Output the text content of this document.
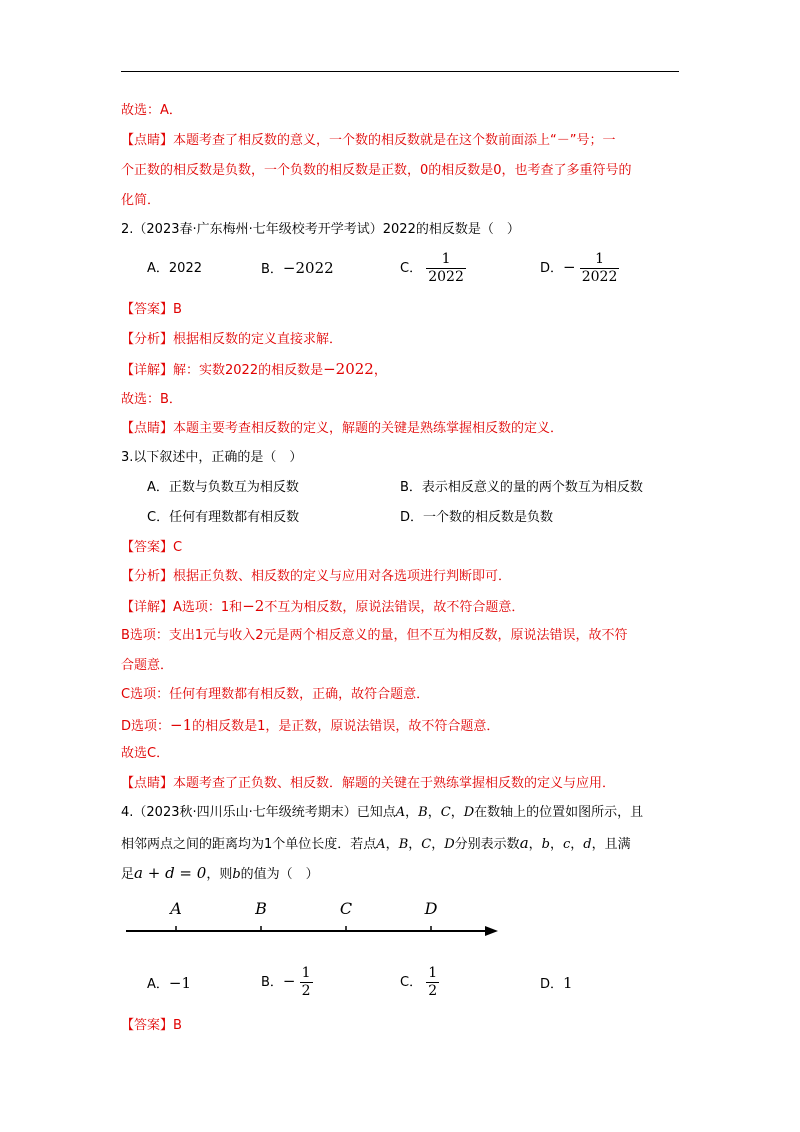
故选：A．
【点睛】本题考查了相反数的意义，一个数的相反数就是在这个数前面添上“－”号；一
个正数的相反数是负数，一个负数的相反数是正数，0的相反数是0，也考查了多重符号的
化简．
2.（2023春·广东梅州·七年级校考开学考试）2022的相反数是（　）
A．2022	B．−2022	C． $\frac{1}{2022}$	D．− $\frac{1}{2022}$
【答案】B
【分析】根据相反数的定义直接求解．
【详解】解：实数2022的相反数是−2022，
故选：B．
【点睛】本题主要考查相反数的定义，解题的关键是熟练掌握相反数的定义．
3.以下叙述中，正确的是（　）
A．正数与负数互为相反数	B．表示相反意义的量的两个数互为相反数
C．任何有理数都有相反数	D．一个数的相反数是负数
【答案】C
【分析】根据正负数、相反数的定义与应用对各选项进行判断即可．
【详解】A选项：1和−2不互为相反数，原说法错误，故不符合题意．
B选项：支出1元与收入2元是两个相反意义的量，但不互为相反数，原说法错误，故不符
合题意．
C选项：任何有理数都有相反数，正确，故符合题意．
D选项：−1的相反数是1，是正数，原说法错误，故不符合题意．
故选C．
【点睛】本题考查了正负数、相反数．解题的关键在于熟练掌握相反数的定义与应用．
4.（2023秋·四川乐山·七年级统考期末）已知点A，B，C，D在数轴上的位置如图所示，且
相邻两点之间的距离均为1个单位长度．若点A，B，C，D分别表示数a，b，c，d，且满
足a + d = 0，则b的值为（　）
A	B	C	D
A．−1	B．− $\frac{1}{2}$	C． $\frac{1}{2}$	D．1
【答案】B
